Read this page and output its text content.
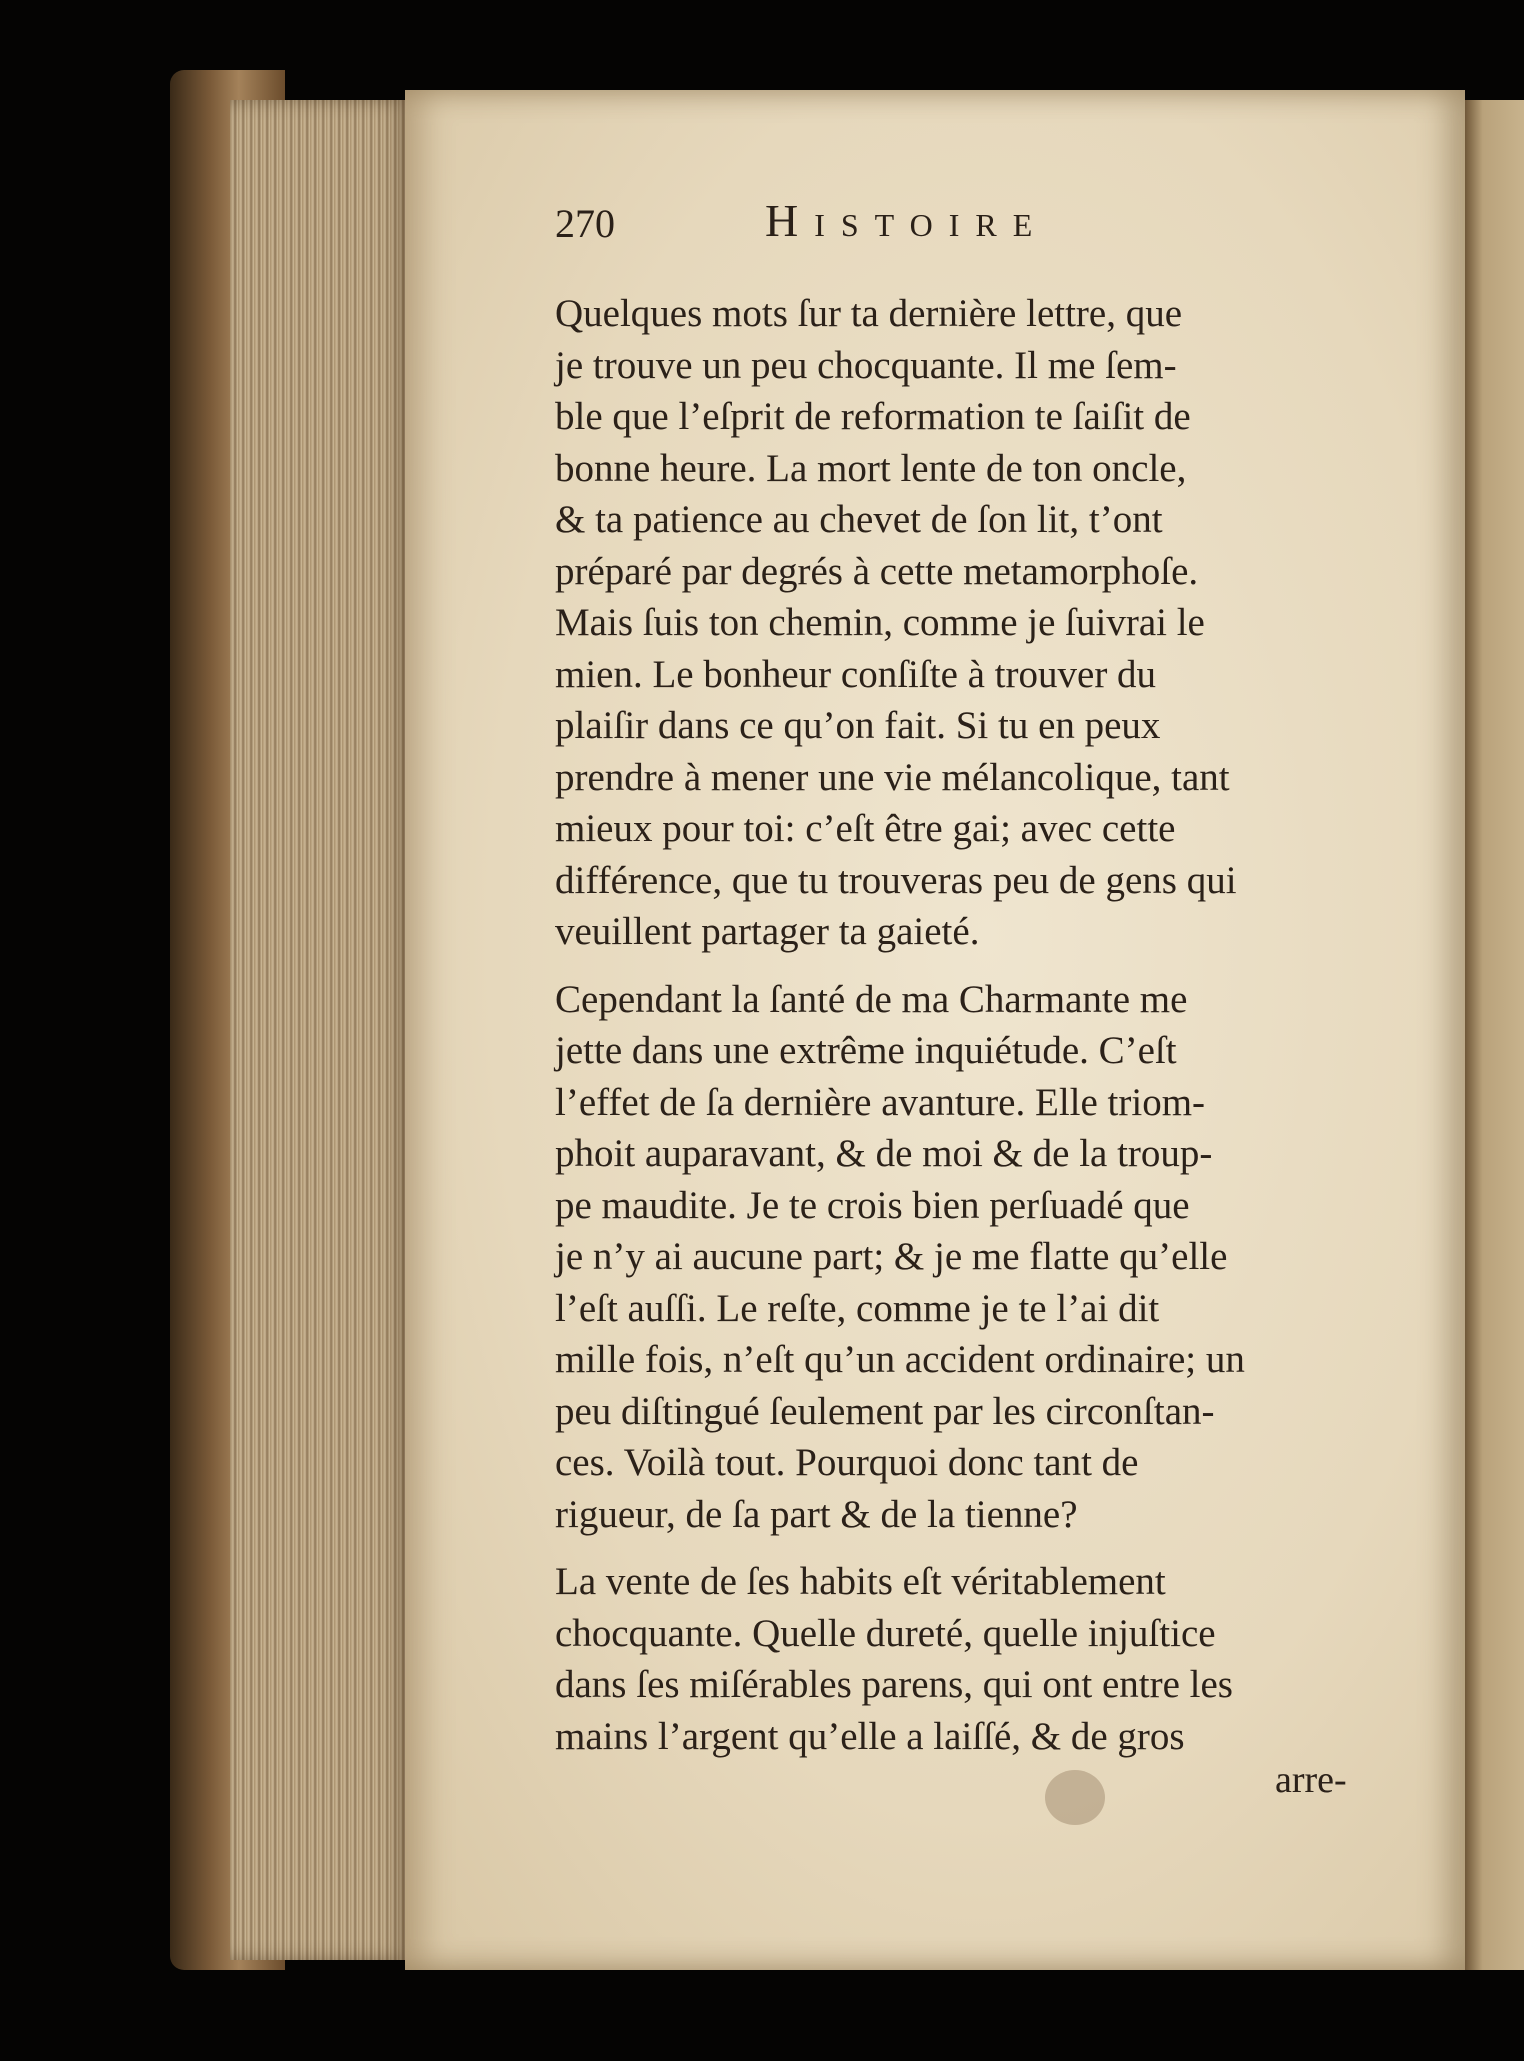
270	Histoire

Quelques mots ſur ta dernière lettre, que
je trouve un peu chocquante. Il me ſem-
ble que l’eſprit de reformation te ſaiſit de
bonne heure. La mort lente de ton oncle,
& ta patience au chevet de ſon lit, t’ont
préparé par degrés à cette metamorphoſe.
Mais ſuis ton chemin, comme je ſuivrai le
mien. Le bonheur conſiſte à trouver du
plaiſir dans ce qu’on fait. Si tu en peux
prendre à mener une vie mélancolique, tant
mieux pour toi: c’eſt être gai; avec cette
différence, que tu trouveras peu de gens qui
veuillent partager ta gaieté.

Cependant la ſanté de ma Charmante me
jette dans une extrême inquiétude. C’eſt
l’effet de ſa dernière avanture. Elle triom-
phoit auparavant, & de moi & de la troup-
pe maudite. Je te crois bien perſuadé que
je n’y ai aucune part; & je me flatte qu’elle
l’eſt auſſi. Le reſte, comme je te l’ai dit
mille fois, n’eſt qu’un accident ordinaire; un
peu diſtingué ſeulement par les circonſtan-
ces. Voilà tout. Pourquoi donc tant de
rigueur, de ſa part & de la tienne?

La vente de ſes habits eſt véritablement
chocquante. Quelle dureté, quelle injuſtice
dans ſes miſérables parens, qui ont entre les
mains l’argent qu’elle a laiſſé, & de gros

arre-
